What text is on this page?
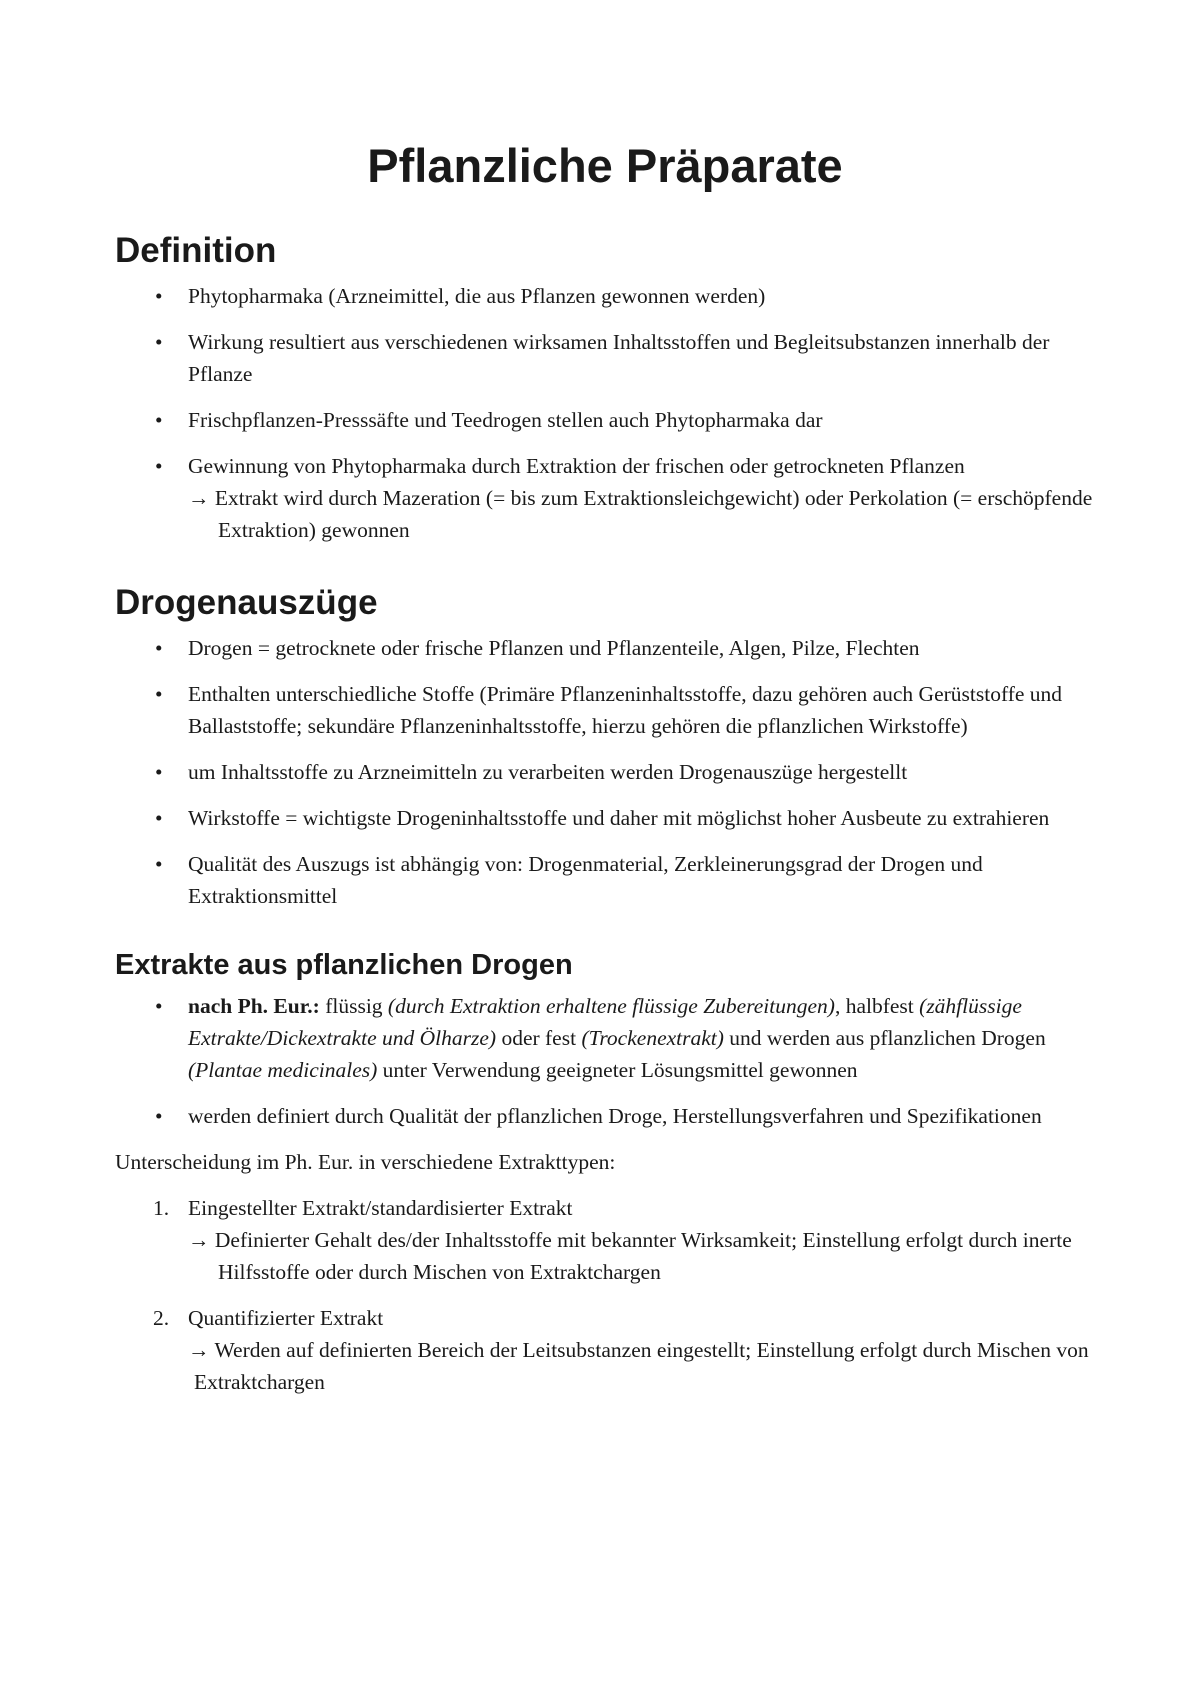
Pflanzliche Präparate
Definition
• Phytopharmaka (Arzneimittel, die aus Pflanzen gewonnen werden)
• Wirkung resultiert aus verschiedenen wirksamen Inhaltsstoffen und Begleitsubstanzen innerhalb der Pflanze
• Frischpflanzen-Presssäfte und Teedrogen stellen auch Phytopharmaka dar
• Gewinnung von Phytopharmaka durch Extraktion der frischen oder getrockneten Pflanzen
→ Extrakt wird durch Mazeration (= bis zum Extraktionsleichgewicht) oder Perkolation (= erschöpfende Extraktion) gewonnen
Drogenauszüge
• Drogen = getrocknete oder frische Pflanzen und Pflanzenteile, Algen, Pilze, Flechten
• Enthalten unterschiedliche Stoffe (Primäre Pflanzeninhaltsstoffe, dazu gehören auch Gerüststoffe und Ballaststoffe; sekundäre Pflanzeninhaltsstoffe, hierzu gehören die pflanzlichen Wirkstoffe)
• um Inhaltsstoffe zu Arzneimitteln zu verarbeiten werden Drogenauszüge hergestellt
• Wirkstoffe = wichtigste Drogeninhaltsstoffe und daher mit möglichst hoher Ausbeute zu extrahieren
• Qualität des Auszugs ist abhängig von: Drogenmaterial, Zerkleinerungsgrad der Drogen und Extraktionsmittel
Extrakte aus pflanzlichen Drogen
• nach Ph. Eur.: flüssig (durch Extraktion erhaltene flüssige Zubereitungen), halbfest (zähflüssige Extrakte/Dickextrakte und Ölharze) oder fest (Trockenextrakt) und werden aus pflanzlichen Drogen (Plantae medicinales) unter Verwendung geeigneter Lösungsmittel gewonnen
• werden definiert durch Qualität der pflanzlichen Droge, Herstellungsverfahren und Spezifikationen

Unterscheidung im Ph. Eur. in verschiedene Extrakttypen:

1. Eingestellter Extrakt/standardisierter Extrakt
→ Definierter Gehalt des/der Inhaltsstoffe mit bekannter Wirksamkeit; Einstellung erfolgt durch inerte Hilfsstoffe oder durch Mischen von Extraktchargen
2. Quantifizierter Extrakt
→ Werden auf definierten Bereich der Leitsubstanzen eingestellt; Einstellung erfolgt durch Mischen von Extraktchargen
